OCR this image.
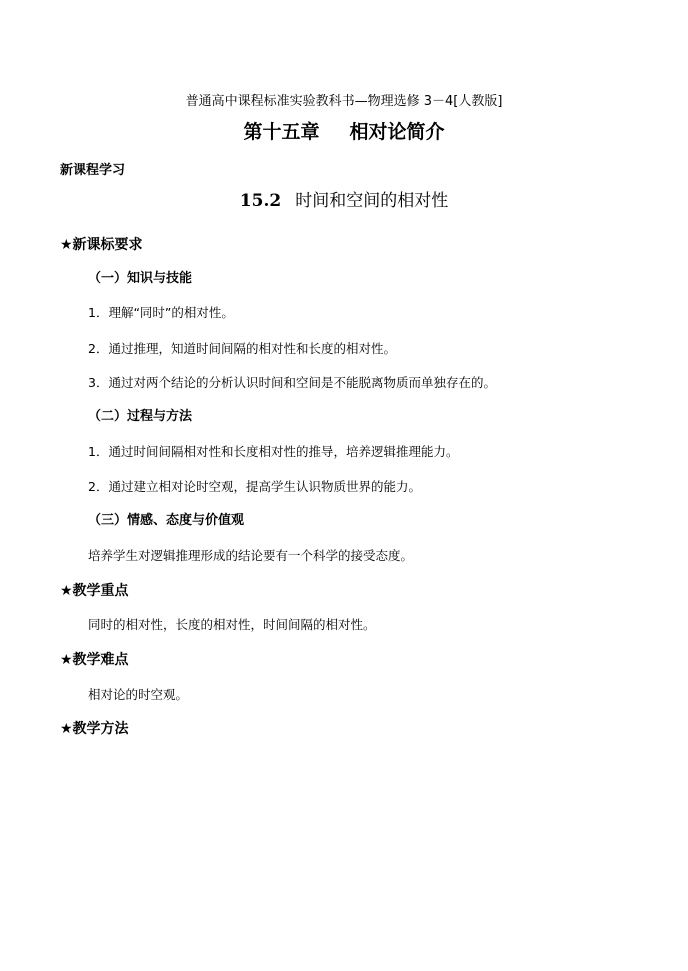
普通高中课程标准实验教科书—物理选修 3－4[人教版]
第十五章 相对论简介
新课程学习
15.2 时间和空间的相对性
★新课标要求
（一）知识与技能
1．理解“同时”的相对性。
2．通过推理，知道时间间隔的相对性和长度的相对性。
3．通过对两个结论的分析认识时间和空间是不能脱离物质而单独存在的。
（二）过程与方法
1．通过时间间隔相对性和长度相对性的推导，培养逻辑推理能力。
2．通过建立相对论时空观，提高学生认识物质世界的能力。
（三）情感、态度与价值观
培养学生对逻辑推理形成的结论要有一个科学的接受态度。
★教学重点
同时的相对性，长度的相对性，时间间隔的相对性。
★教学难点
相对论的时空观。
★教学方法
